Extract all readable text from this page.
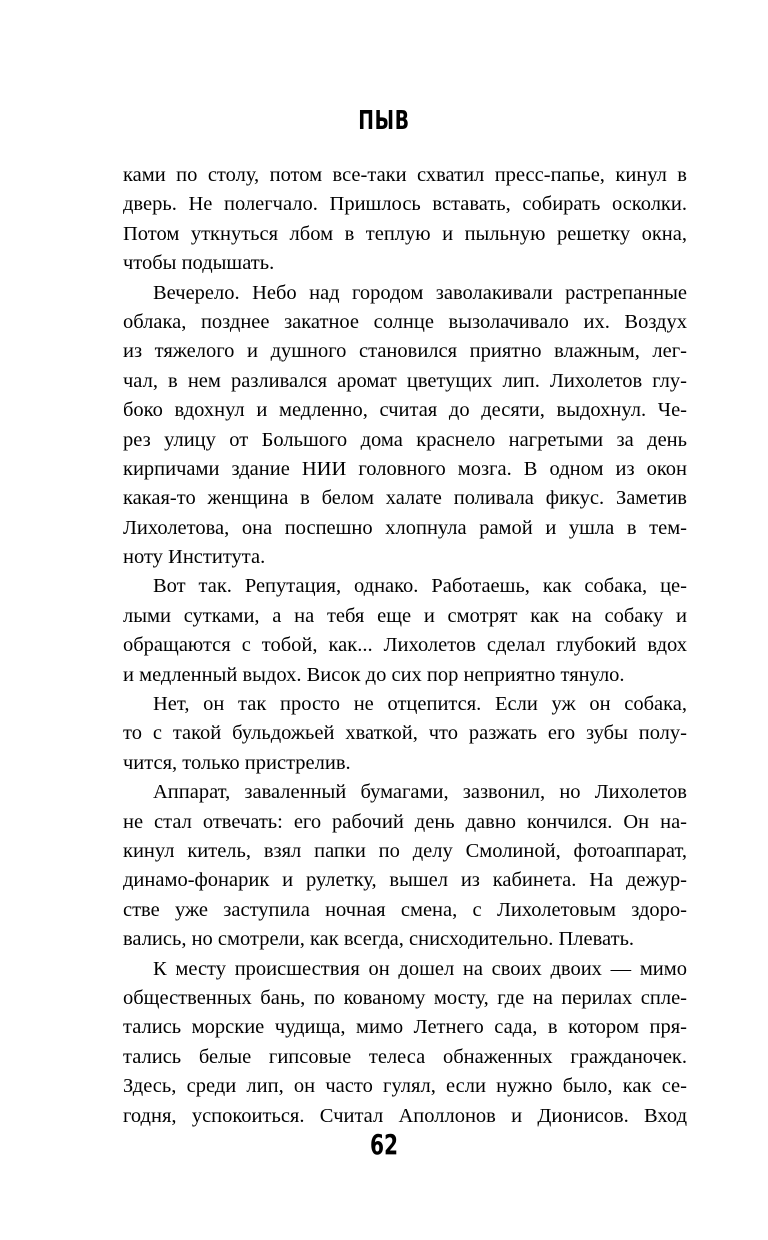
ПЫВ
ками по столу, потом все-таки схватил пресс-папье, кинул в
дверь. Не полегчало. Пришлось вставать, собирать осколки.
Потом уткнуться лбом в теплую и пыльную решетку окна,
чтобы подышать.
Вечерело. Небо над городом заволакивали растрепанные
облака, позднее закатное солнце вызолачивало их. Воздух
из тяжелого и душного становился приятно влажным, лег-
чал, в нем разливался аромат цветущих лип. Лихолетов глу-
боко вдохнул и медленно, считая до десяти, выдохнул. Че-
рез улицу от Большого дома краснело нагретыми за день
кирпичами здание НИИ головного мозга. В одном из окон
какая-то женщина в белом халате поливала фикус. Заметив
Лихолетова, она поспешно хлопнула рамой и ушла в тем-
ноту Института.
Вот так. Репутация, однако. Работаешь, как собака, це-
лыми сутками, а на тебя еще и смотрят как на собаку и
обращаются с тобой, как... Лихолетов сделал глубокий вдох
и медленный выдох. Висок до сих пор неприятно тянуло.
Нет, он так просто не отцепится. Если уж он собака,
то с такой бульдожьей хваткой, что разжать его зубы полу-
чится, только пристрелив.
Аппарат, заваленный бумагами, зазвонил, но Лихолетов
не стал отвечать: его рабочий день давно кончился. Он на-
кинул китель, взял папки по делу Смолиной, фотоаппарат,
динамо-фонарик и рулетку, вышел из кабинета. На дежур-
стве уже заступила ночная смена, с Лихолетовым здоро-
вались, но смотрели, как всегда, снисходительно. Плевать.
К месту происшествия он дошел на своих двоих — мимо
общественных бань, по кованому мосту, где на перилах спле-
тались морские чудища, мимо Летнего сада, в котором пря-
тались белые гипсовые телеса обнаженных гражданочек.
Здесь, среди лип, он часто гулял, если нужно было, как се-
годня, успокоиться. Считал Аполлонов и Дионисов. Вход
62
